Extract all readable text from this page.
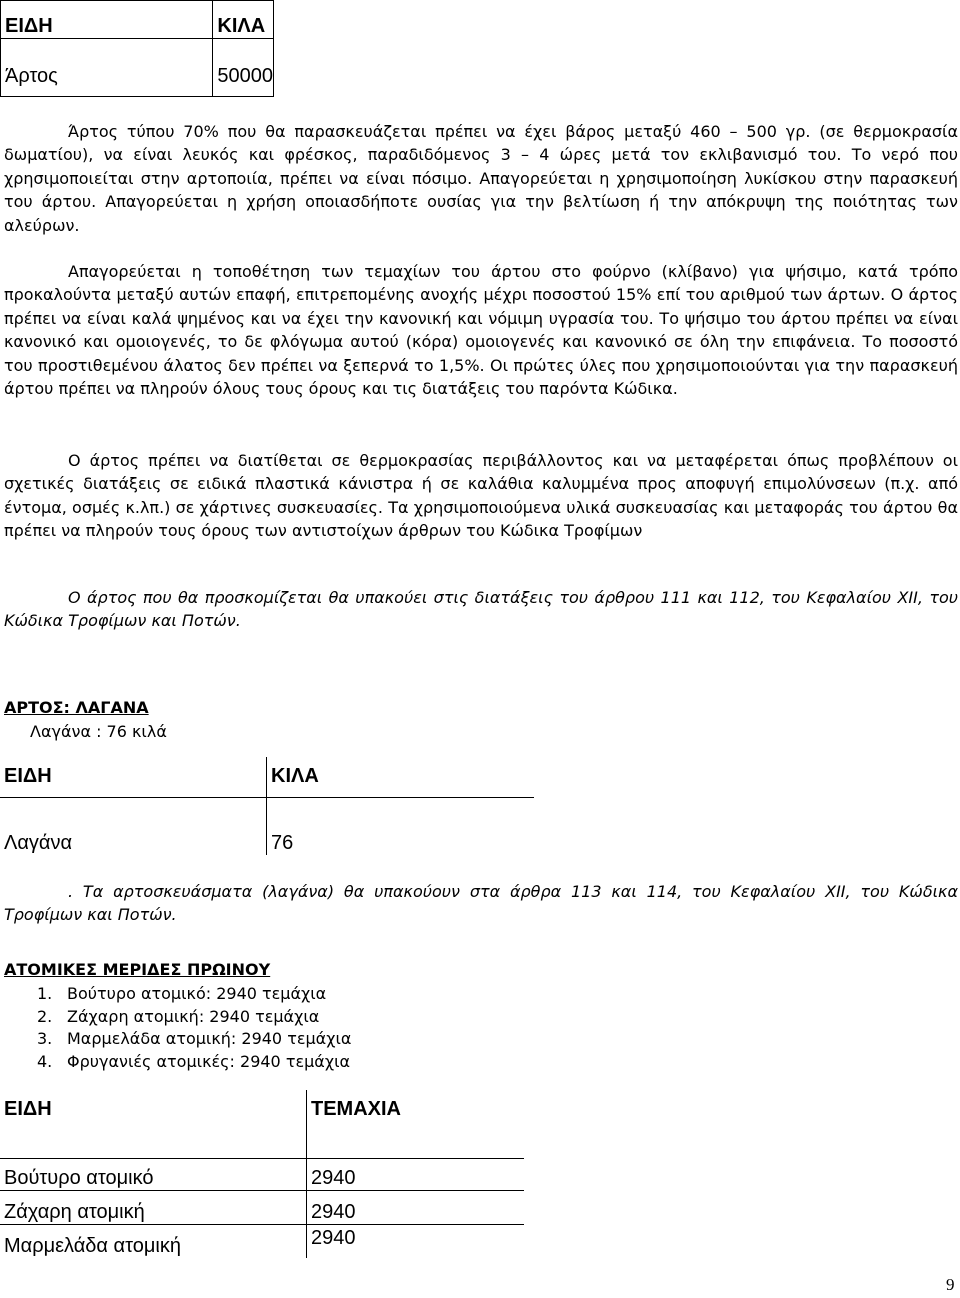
ΕΙΔΗ	ΚΙΛΑ
Άρτος	50000

Άρτος τύπου 70% που θα παρασκευάζεται πρέπει να έχει βάρος μεταξύ 460 – 500 γρ. (σε θερμοκρασία δωματίου), να είναι λευκός και φρέσκος, παραδιδόμενος 3 – 4 ώρες μετά τον εκλιβανισμό του. Το νερό που χρησιμοποιείται στην αρτοποιία, πρέπει να είναι πόσιμο. Απαγορεύεται η χρησιμοποίηση λυκίσκου στην παρασκευή του άρτου. Απαγορεύεται η χρήση οποιασδήποτε ουσίας για την βελτίωση ή την απόκρυψη της ποιότητας των αλεύρων.

Απαγορεύεται η τοποθέτηση των τεμαχίων του άρτου στο φούρνο (κλίβανο) για ψήσιμο, κατά τρόπο προκαλούντα μεταξύ αυτών επαφή, επιτρεπομένης ανοχής μέχρι ποσοστού 15% επί του αριθμού των άρτων. Ο άρτος πρέπει να είναι καλά ψημένος και να έχει την κανονική και νόμιμη υγρασία του. Το ψήσιμο του άρτου πρέπει να είναι κανονικό και ομοιογενές, το δε φλόγωμα αυτού (κόρα) ομοιογενές και κανονικό σε όλη την επιφάνεια. Το ποσοστό του προστιθεμένου άλατος δεν πρέπει να ξεπερνά το 1,5%. Οι πρώτες ύλες που χρησιμοποιούνται για την παρασκευή άρτου πρέπει να πληρούν όλους τους όρους και τις διατάξεις του παρόντα Κώδικα.

Ο άρτος πρέπει να διατίθεται σε θερμοκρασίας περιβάλλοντος και να μεταφέρεται όπως προβλέπουν οι σχετικές διατάξεις σε ειδικά πλαστικά κάνιστρα ή σε καλάθια καλυμμένα προς αποφυγή επιμολύνσεων (π.χ. από έντομα, οσμές κ.λπ.) σε χάρτινες συσκευασίες. Τα χρησιμοποιούμενα υλικά συσκευασίας και μεταφοράς του άρτου θα πρέπει να πληρούν τους όρους των αντιστοίχων άρθρων του Κώδικα Τροφίμων

Ο άρτος που θα προσκομίζεται θα υπακούει στις διατάξεις του άρθρου 111 και 112, του Κεφαλαίου XII, του Κώδικα Τροφίμων και Ποτών.

ΑΡΤΟΣ: ΛΑΓΑΝΑ
Λαγάνα : 76 κιλά
ΕΙΔΗ	ΚΙΛΑ
Λαγάνα	76

. Τα αρτοσκευάσματα (λαγάνα) θα υπακούουν στα άρθρα 113 και 114, του Κεφαλαίου XII, του Κώδικα Τροφίμων και Ποτών.

ΑΤΟΜΙΚΕΣ ΜΕΡΙΔΕΣ ΠΡΩΙΝΟΥ
1. Βούτυρο ατομικό: 2940 τεμάχια
2. Ζάχαρη ατομική: 2940 τεμάχια
3. Μαρμελάδα ατομική: 2940 τεμάχια
4. Φρυγανιές ατομικές: 2940 τεμάχια
ΕΙΔΗ	ΤΕΜΑΧΙΑ
Βούτυρο ατομικό	2940
Ζάχαρη ατομική	2940
Μαρμελάδα ατομική	2940
9
